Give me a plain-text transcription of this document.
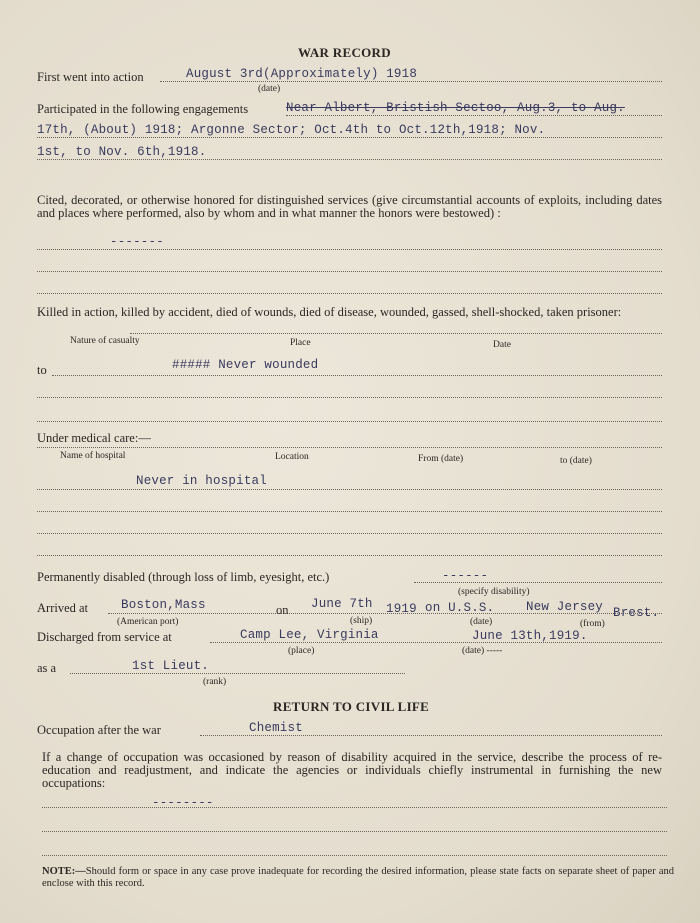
WAR RECORD
First went into action	August 3rd(Approximately) 1918
(date)
Participated in the following engagements	Near Albert, Bristish Sectoo, Aug.3, to Aug.
17th, (About) 1918; Argonne Sector; Oct.4th to Oct.12th,1918; Nov.
1st, to Nov. 6th,1918.
Cited, decorated, or otherwise honored for distinguished services (give circumstantial accounts of exploits, including dates and places where performed, also by whom and in what manner the honors were bestowed) :
-------
Killed in action, killed by accident, died of wounds, died of disease, wounded, gassed, shell-shocked, taken prisoner:
Nature of casualty	Place	Date
to	##### Never wounded
Under medical care:—
Name of hospital	Location	From (date)	to (date)
Never in hospital
Permanently disabled (through loss of limb, eyesight, etc.)	------
(specify disability)
Arrived at	Boston,Mass
(American port)
on June 7th
(ship)
1919 on U.S.S.	New Jersey
(date)
Brest.
(from)
Discharged from service at	Camp Lee, Virginia
(place)
June 13th,1919.
(date) -----
as a	1st Lieut.
(rank)
RETURN TO CIVIL LIFE
Occupation after the war	Chemist
If a change of occupation was occasioned by reason of disability acquired in the service, describe the process of re-education and readjustment, and indicate the agencies or individuals chiefly instrumental in furnishing the new occupations:
--------
NOTE:—Should form or space in any case prove inadequate for recording the desired information, please state facts on separate sheet of paper and enclose with this record.
